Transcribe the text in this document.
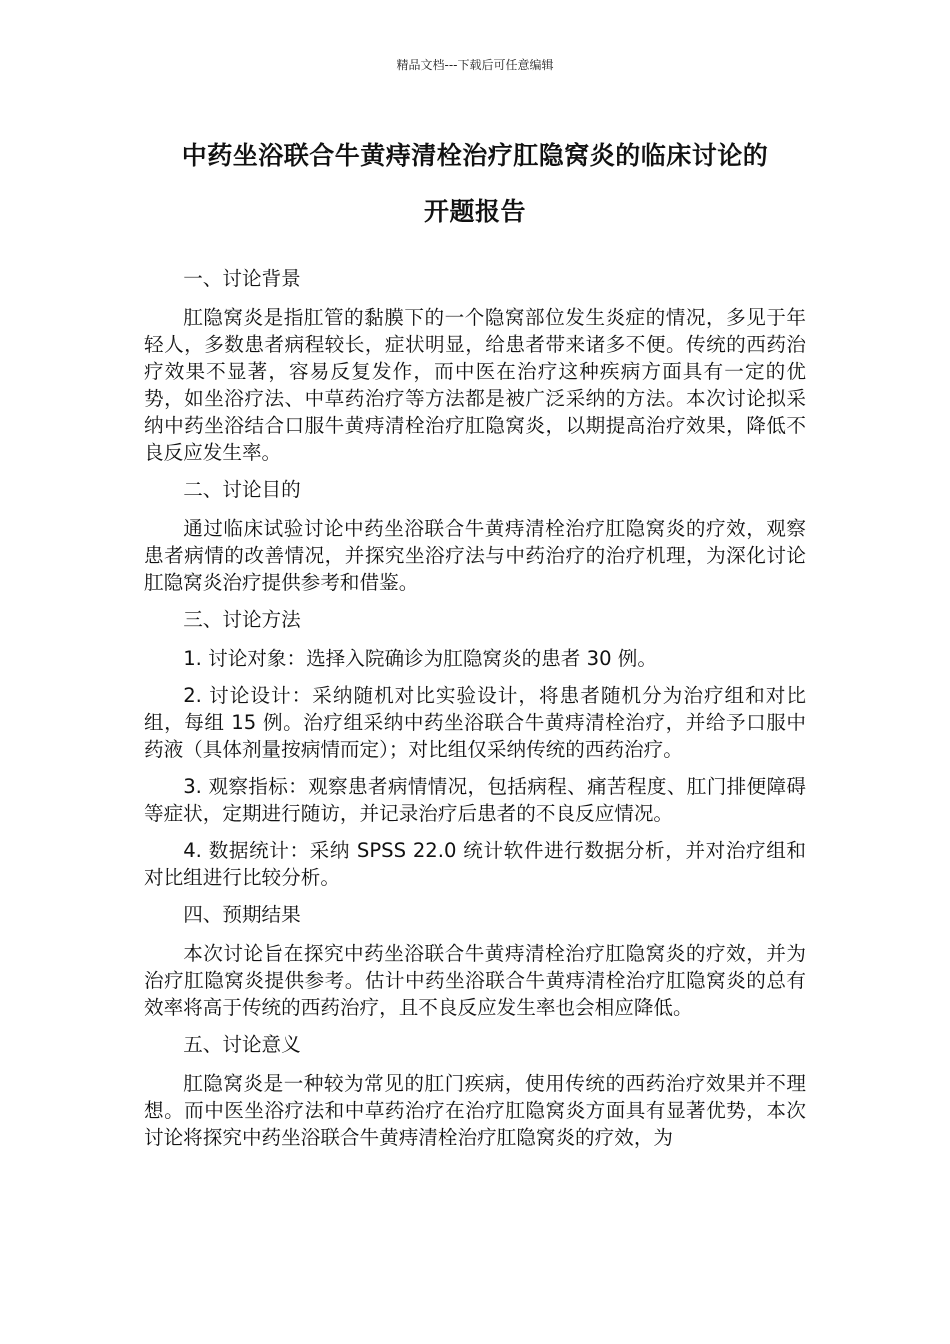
精品文档---下载后可任意编辑
中药坐浴联合牛黄痔清栓治疗肛隐窝炎的临床讨论的
开题报告

一、讨论背景

肛隐窝炎是指肛管的黏膜下的一个隐窝部位发生炎症的情况，多见于年轻人，多数患者病程较长，症状明显，给患者带来诸多不便。传统的西药治疗效果不显著，容易反复发作，而中医在治疗这种疾病方面具有一定的优势，如坐浴疗法、中草药治疗等方法都是被广泛采纳的方法。本次讨论拟采纳中药坐浴结合口服牛黄痔清栓治疗肛隐窝炎，以期提高治疗效果，降低不良反应发生率。

二、讨论目的

通过临床试验讨论中药坐浴联合牛黄痔清栓治疗肛隐窝炎的疗效，观察患者病情的改善情况，并探究坐浴疗法与中药治疗的治疗机理，为深化讨论肛隐窝炎治疗提供参考和借鉴。

三、讨论方法

1. 讨论对象：选择入院确诊为肛隐窝炎的患者 30 例。

2. 讨论设计：采纳随机对比实验设计，将患者随机分为治疗组和对比组，每组 15 例。治疗组采纳中药坐浴联合牛黄痔清栓治疗，并给予口服中药液（具体剂量按病情而定）；对比组仅采纳传统的西药治疗。

3. 观察指标：观察患者病情情况，包括病程、痛苦程度、肛门排便障碍等症状，定期进行随访，并记录治疗后患者的不良反应情况。

4. 数据统计：采纳 SPSS 22.0 统计软件进行数据分析，并对治疗组和对比组进行比较分析。

四、预期结果

本次讨论旨在探究中药坐浴联合牛黄痔清栓治疗肛隐窝炎的疗效，并为治疗肛隐窝炎提供参考。估计中药坐浴联合牛黄痔清栓治疗肛隐窝炎的总有效率将高于传统的西药治疗，且不良反应发生率也会相应降低。

五、讨论意义

肛隐窝炎是一种较为常见的肛门疾病，使用传统的西药治疗效果并不理想。而中医坐浴疗法和中草药治疗在治疗肛隐窝炎方面具有显著优势，本次讨论将探究中药坐浴联合牛黄痔清栓治疗肛隐窝炎的疗效，为
